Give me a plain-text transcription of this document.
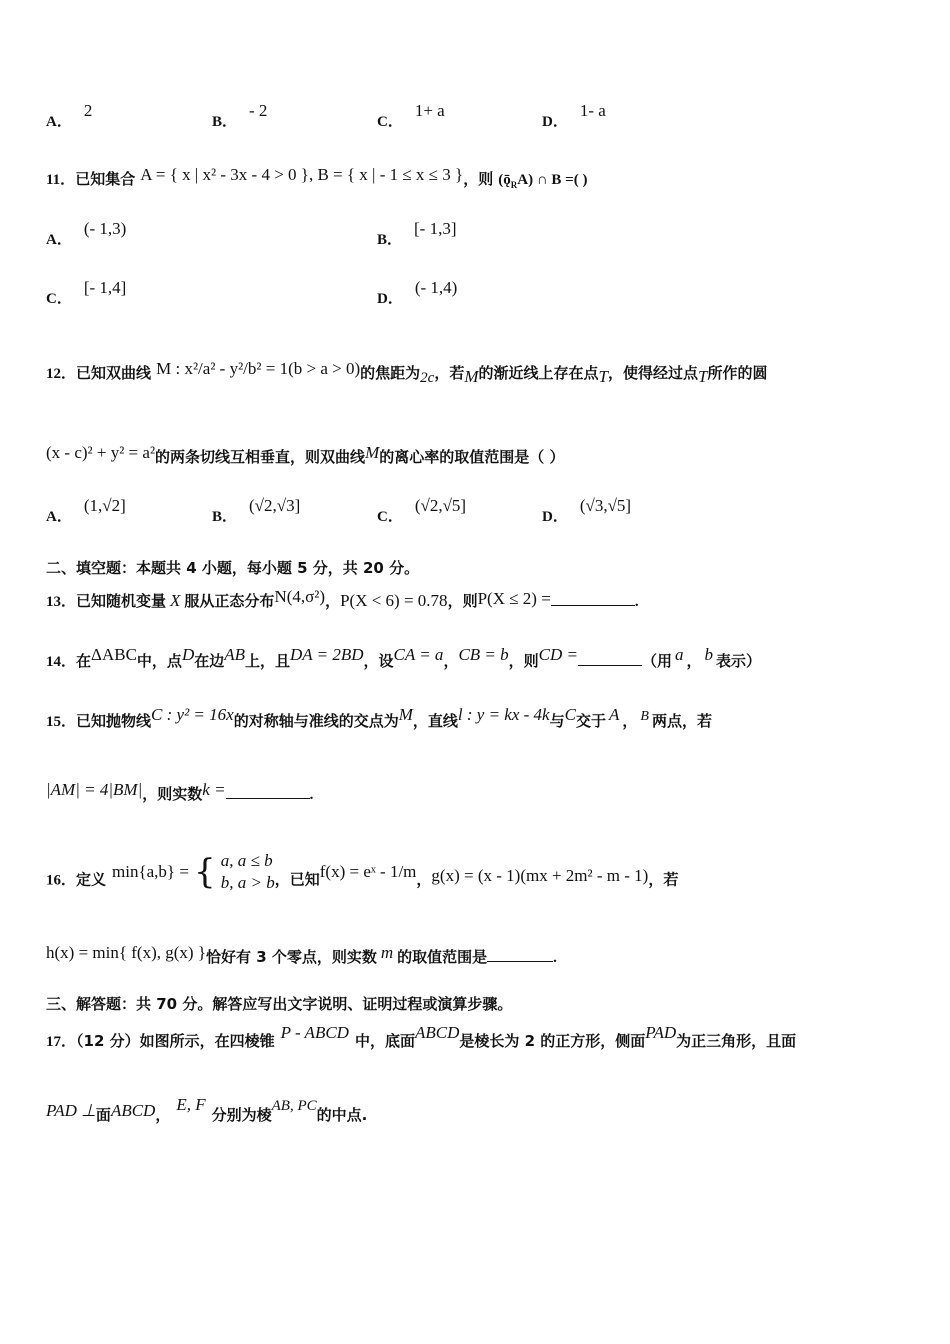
A．2
B．- 2
C．1+ a
D．1- a
11．已知集合 A = { x | x² - 3x - 4 > 0 }, B = { x | - 1 ≤ x ≤ 3 }，则 $(ǭ_RA)$ ∩ B =( )
A．(- 1,3)
B．[- 1,3]
C．[- 1,4]
D．(- 1,4)
12．已知双曲线 M : x²/a² - y²/b² = 1(b > a > 0)的焦距为2c，若M的渐近线上存在点T，使得经过点T所作的圆
(x - c)² + y² = a²的两条切线互相垂直，则双曲线M的离心率的取值范围是（ ）
A．(1,√2]
B．(√2,√3]
C．(√2,√5]
D．(√3,√5]
二、填空题：本题共 4 小题，每小题 5 分，共 20 分。
13．已知随机变量 X 服从正态分布N(4,σ²)，P(X < 6) = 0.78，则P(X ≤ 2) =	.
14．在ΔABC中，点D在边AB上，且DA = 2BD，设CA = a，CB = b，则CD =	（用 a ， b 表示）
15．已知抛物线C : y² = 16x的对称轴与准线的交点为M，直线l : y = kx - 4k与C交于 A ， B 两点，若
|AM| = 4|BM|，则实数k =	.
16．定义 min{a,b} = { a, a ≤ b
b, a > b ，已知f(x) = eˣ - 1/m，g(x) = (x - 1)(mx + 2m² - m - 1)，若
h(x) = min{ f(x), g(x) }恰好有 3 个零点，则实数 m 的取值范围是	.
三、解答题：共 70 分。解答应写出文字说明、证明过程或演算步骤。
17．（12 分）如图所示，在四棱锥 P - ABCD 中，底面ABCD是棱长为 2 的正方形，侧面PAD为正三角形，且面
PAD ⊥面ABCD，E, F分别为棱AB, PC的中点.
